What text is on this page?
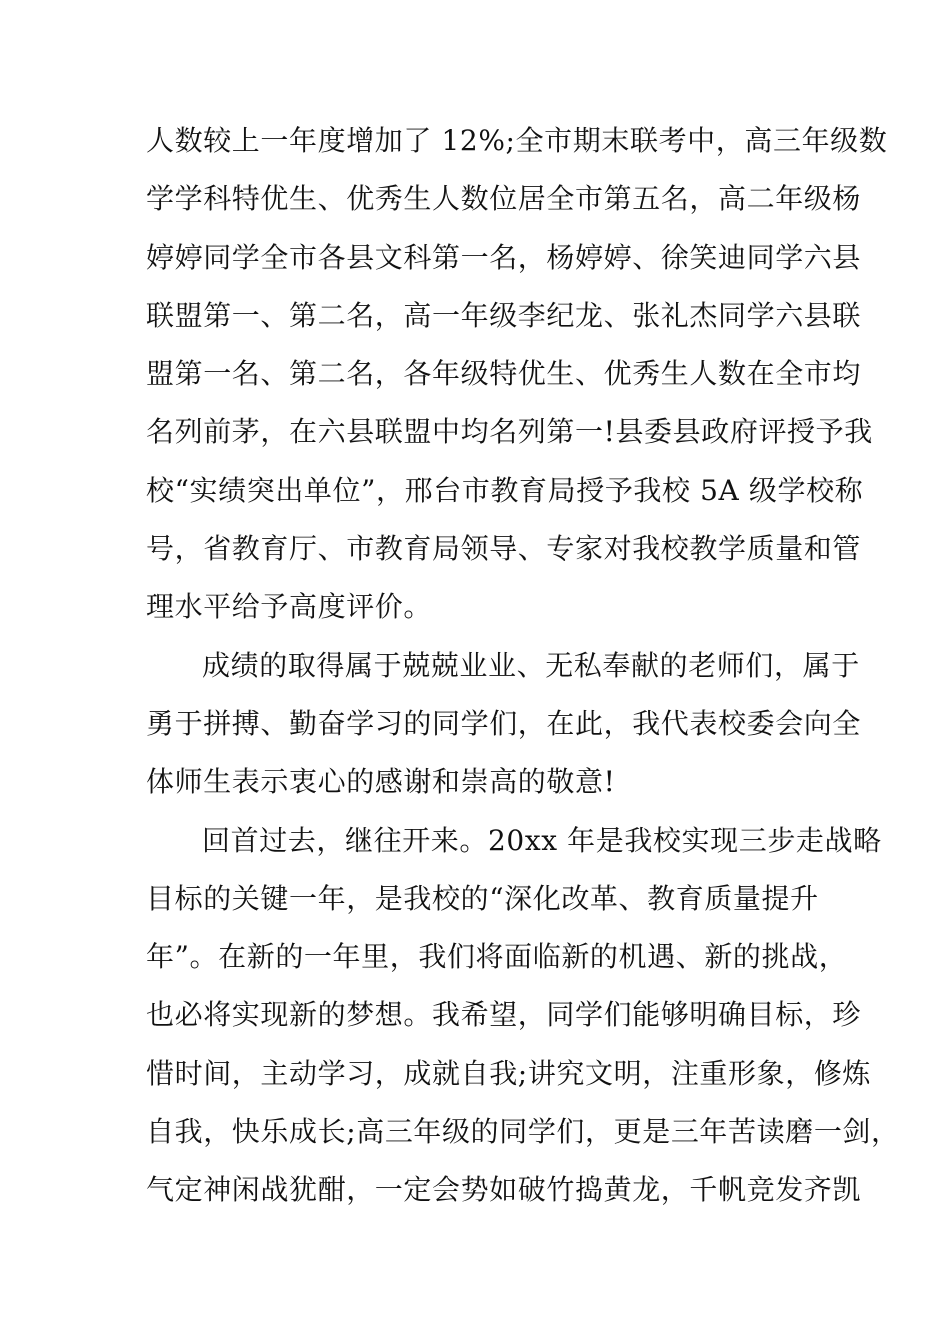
人数较上一年度增加了 12%;全市期末联考中，高三年级数
学学科特优生、优秀生人数位居全市第五名，高二年级杨
婷婷同学全市各县文科第一名，杨婷婷、徐笑迪同学六县
联盟第一、第二名，高一年级李纪龙、张礼杰同学六县联
盟第一名、第二名，各年级特优生、优秀生人数在全市均
名列前茅，在六县联盟中均名列第一!县委县政府评授予我
校“实绩突出单位”，邢台市教育局授予我校 5A 级学校称
号，省教育厅、市教育局领导、专家对我校教学质量和管
理水平给予高度评价。
成绩的取得属于兢兢业业、无私奉献的老师们，属于
勇于拼搏、勤奋学习的同学们，在此，我代表校委会向全
体师生表示衷心的感谢和崇高的敬意!
回首过去，继往开来。20xx 年是我校实现三步走战略
目标的关键一年，是我校的“深化改革、教育质量提升
年”。在新的一年里，我们将面临新的机遇、新的挑战，
也必将实现新的梦想。我希望，同学们能够明确目标，珍
惜时间，主动学习，成就自我;讲究文明，注重形象，修炼
自我，快乐成长;高三年级的同学们，更是三年苦读磨一剑，
气定神闲战犹酣，一定会势如破竹捣黄龙，千帆竞发齐凯
